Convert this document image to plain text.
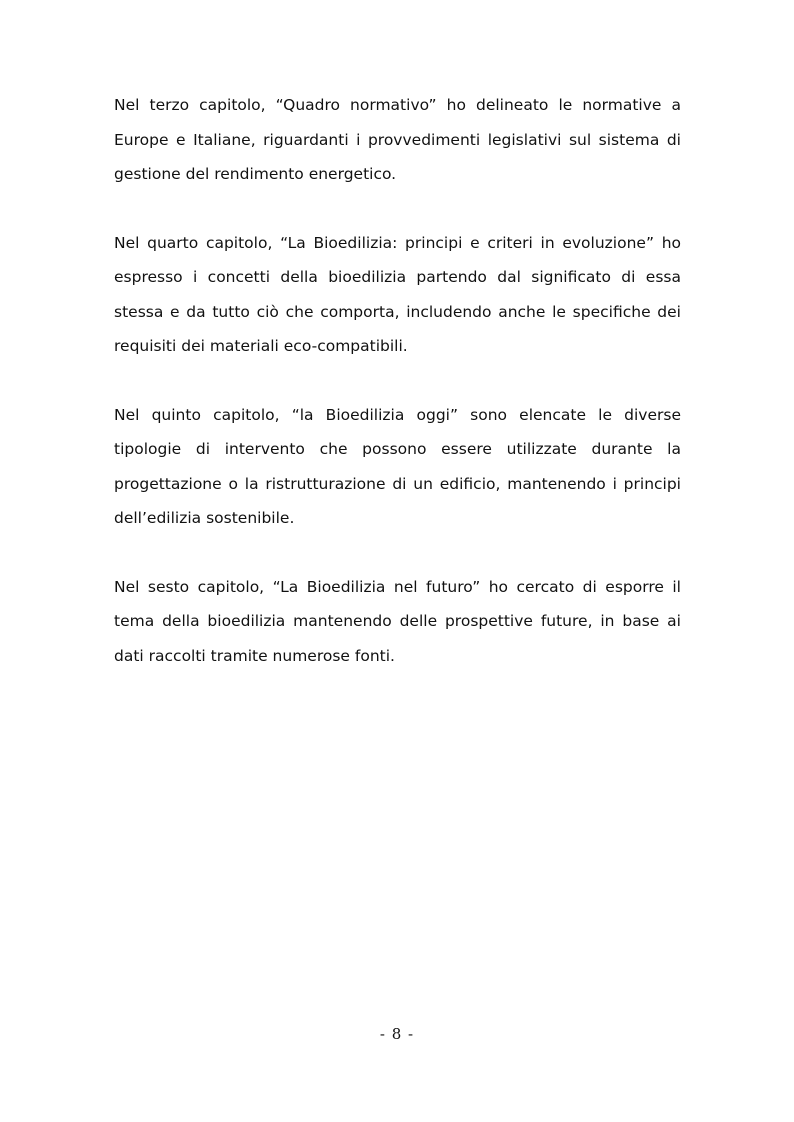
Nel terzo capitolo, “Quadro normativo” ho delineato le normative a Europe e Italiane, riguardanti i provvedimenti legislativi sul sistema di gestione del rendimento energetico.

Nel quarto capitolo, “La Bioedilizia: principi e criteri in evoluzione” ho espresso i concetti della bioedilizia partendo dal significato di essa stessa e da tutto ciò che comporta, includendo anche le specifiche dei requisiti dei materiali eco-compatibili.

Nel quinto capitolo, “la Bioedilizia oggi” sono elencate le diverse tipologie di intervento che possono essere utilizzate durante la progettazione o la ristrutturazione di un edificio, mantenendo i principi dell’edilizia sostenibile.

Nel sesto capitolo, “La Bioedilizia nel futuro” ho cercato di esporre il tema della bioedilizia mantenendo delle prospettive future, in base ai dati raccolti tramite numerose fonti.

- 8 -
